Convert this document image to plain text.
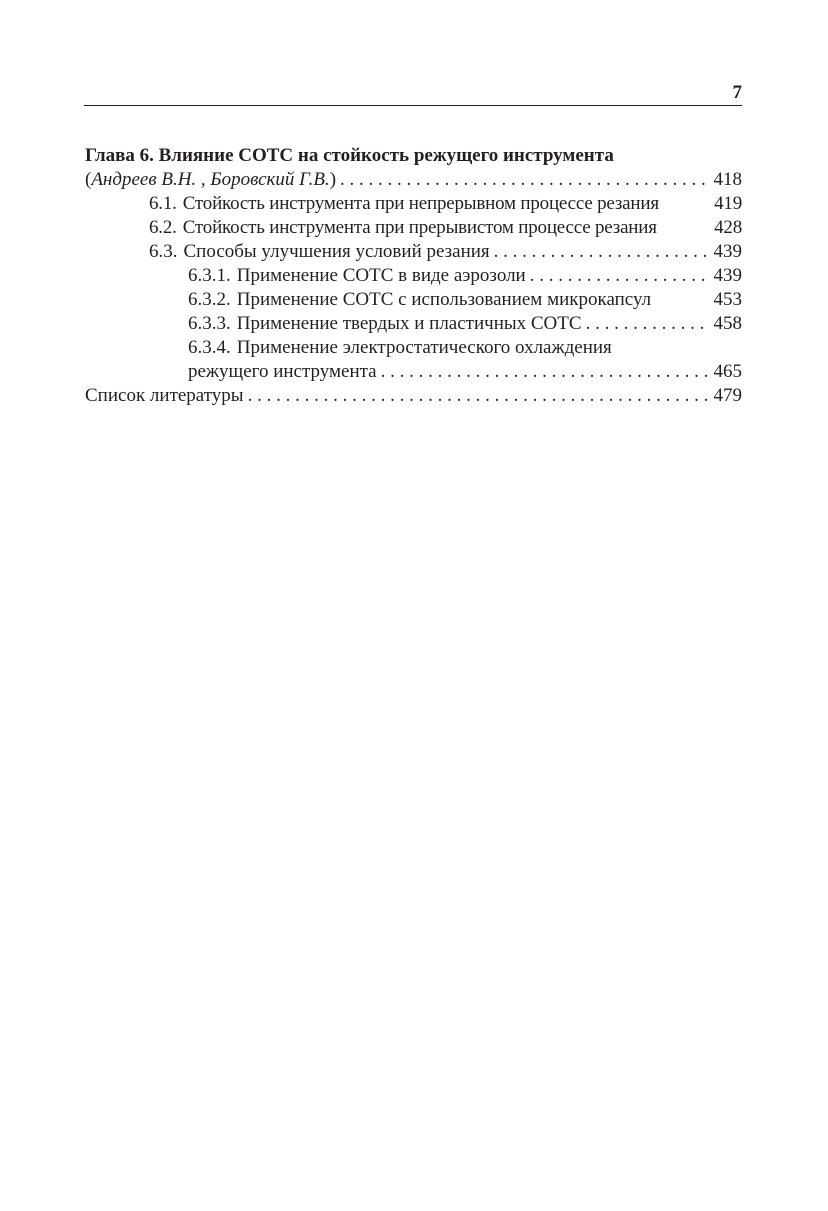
7
Глава 6. Влияние СОТС на стойкость режущего инструмента
( Андреев В.Н. , Боровский Г.В. ) . . .	418
6.1. Стойкость инструмента при непрерывном процессе резания	419
6.2. Стойкость инструмента при прерывистом процессе резания	428
6.3. Способы улучшения условий резания . . .	439
6.3.1. Применение СОТС в виде аэрозоли . . .	439
6.3.2. Применение СОТС с использованием микрокапсул	453
6.3.3. Применение твердых и пластичных СОТС . . .	458
6.3.4. Применение электростатического охлаждения
режущего инструмента . . .	465
Список литературы . . .	479
